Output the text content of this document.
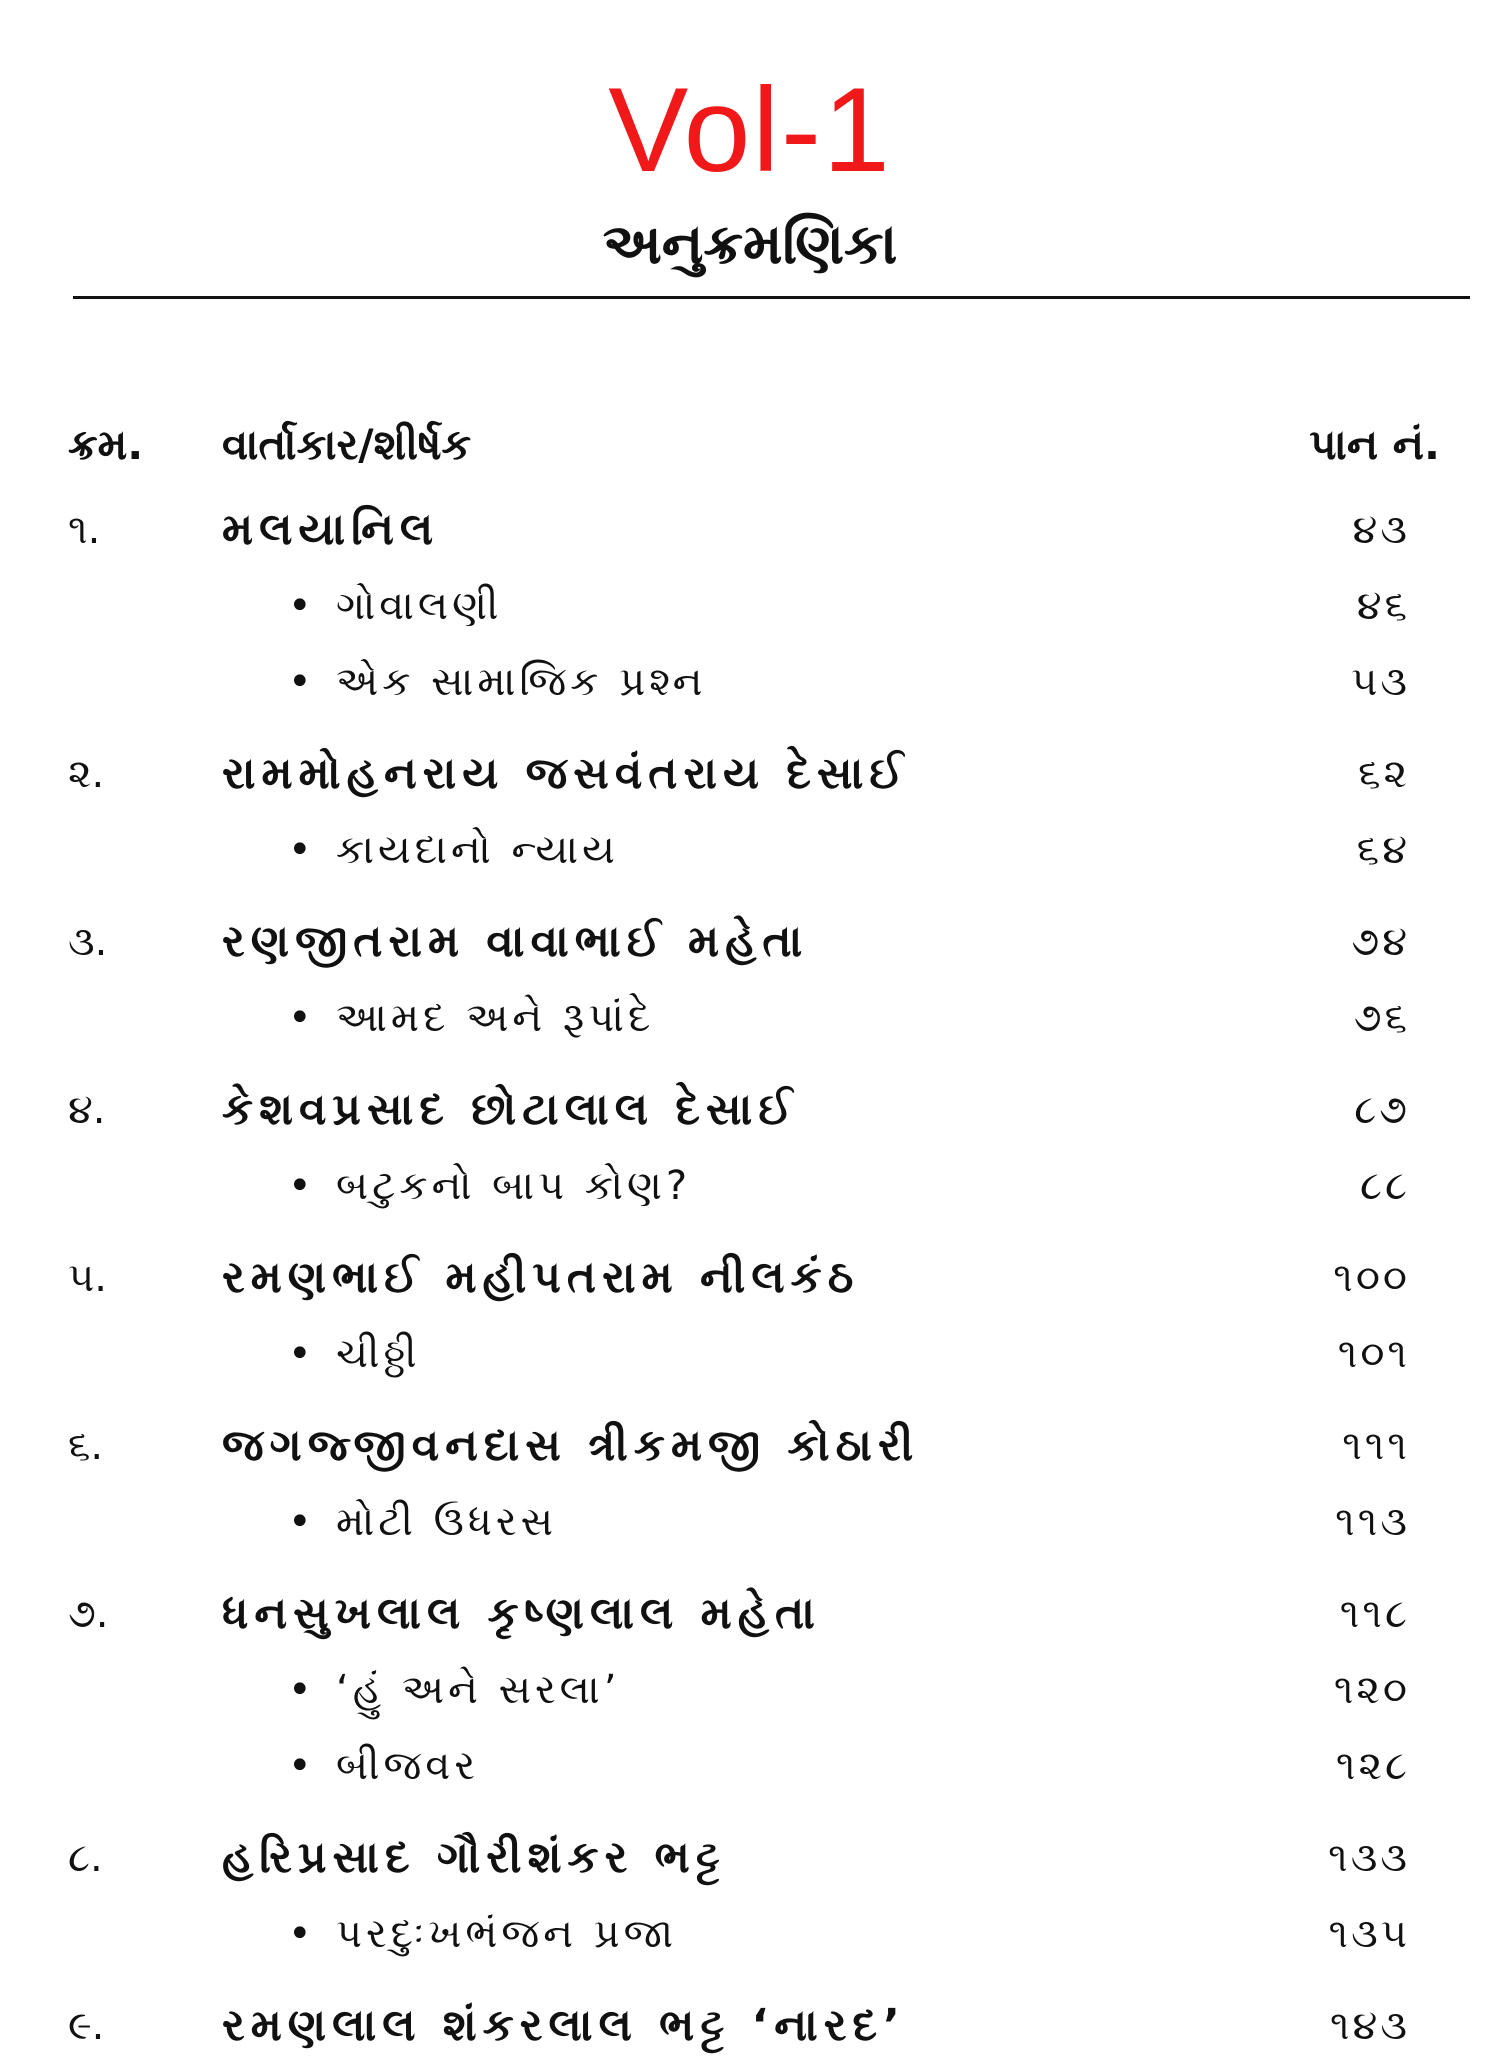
Vol-1
અનુક્રમણિકા
ક્રમ. વાર્તાકાર/શીર્ષક	પાન નં.
૧.	મલયાનિલ	૪૩
• ગોવાલણી	૪૬
• એક સામાજિક પ્રશ્ન	૫૩
૨.	રામમોહનરાય જસવંતરાય દેસાઈ	૬૨
• કાયદાનો ન્યાય	૬૪
૩.	રણજીતરામ વાવાભાઈ મહેતા	૭૪
• આમદ અને રૂપાંદે	૭૬
૪.	કેશવપ્રસાદ છોટાલાલ દેસાઈ	૮૭
• બટુકનો બાપ કોણ?	૮૮
૫.	રમણભાઈ મહીપતરામ નીલકંઠ	૧૦૦
• ચીઠ્ઠી	૧૦૧
૬.	જગજ્જીવનદાસ ત્રીકમજી કોઠારી	૧૧૧
• મોટી ઉધરસ	૧૧૩
૭.	ધનસુખલાલ કૃષ્ણલાલ મહેતા	૧૧૮
• ‘હું અને સરલા’	૧૨૦
• બીજવર	૧૨૮
૮.	હરિપ્રસાદ ગૌરીશંકર ભટ્ટ	૧૩૩
• પરદુઃખભંજન પ્રજા	૧૩૫
૯.	રમણલાલ શંકરલાલ ભટ્ટ ‘નારદ’	૧૪૩
